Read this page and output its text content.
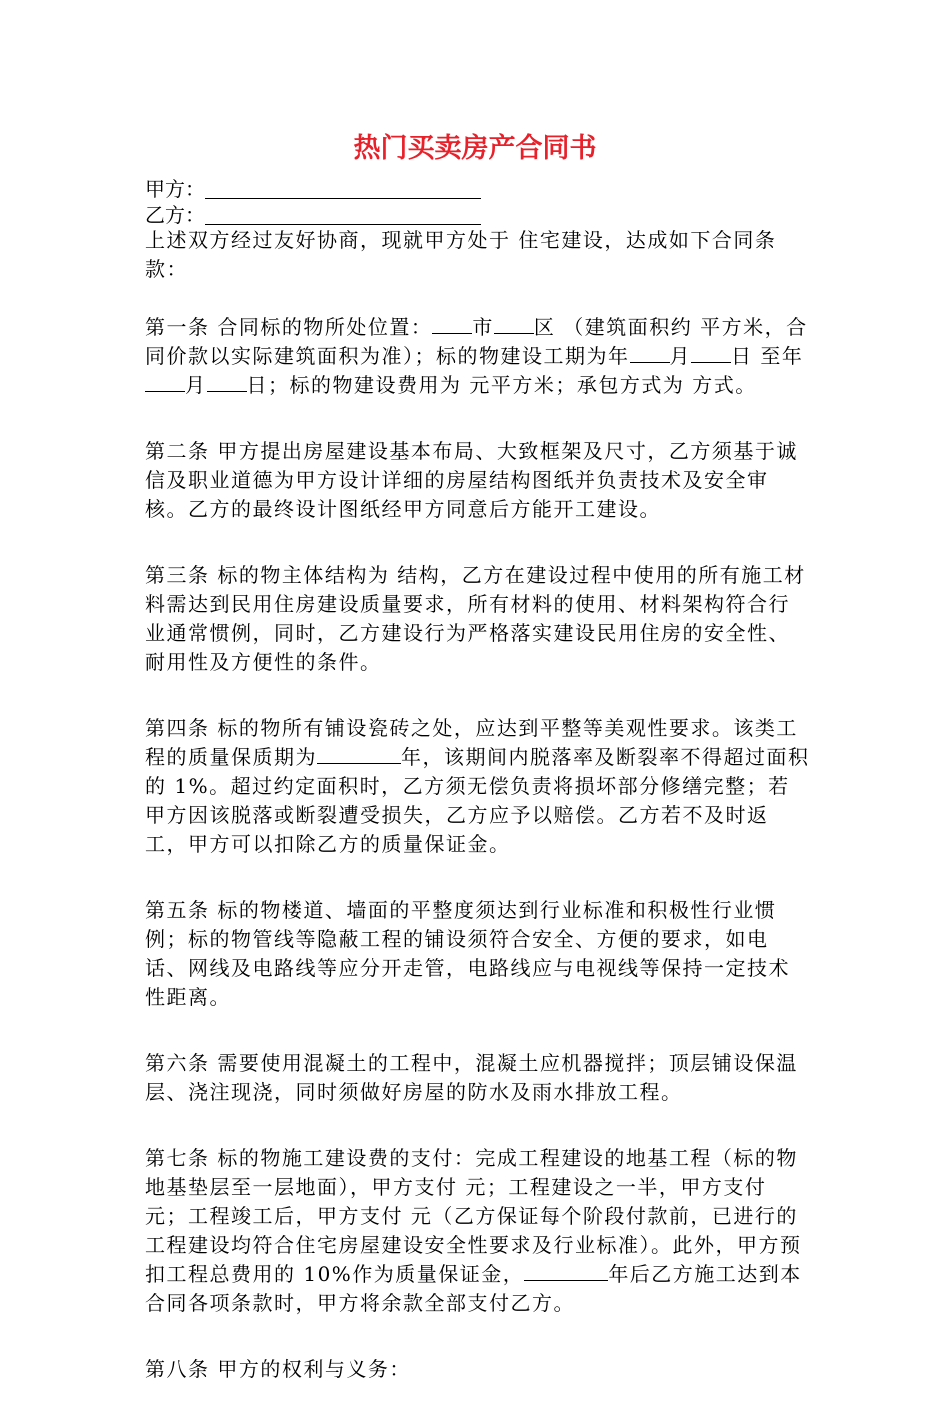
热门买卖房产合同书
甲方：
乙方：

上述双方经过友好协商，现就甲方处于 住宅建设，达成如下合同条款：

第一条 合同标的物所处位置： 市 区 （建筑面积约 平方米，合同价款以实际建筑面积为准）；标的物建设工期为年 月 日 至年月 日；标的物建设费用为 元平方米；承包方式为 方式。

第二条 甲方提出房屋建设基本布局、大致框架及尺寸，乙方须基于诚信及职业道德为甲方设计详细的房屋结构图纸并负责技术及安全审核。乙方的最终设计图纸经甲方同意后方能开工建设。

第三条 标的物主体结构为 结构，乙方在建设过程中使用的所有施工材料需达到民用住房建设质量要求，所有材料的使用、材料架构符合行业通常惯例，同时，乙方建设行为严格落实建设民用住房的安全性、耐用性及方便性的条件。

第四条 标的物所有铺设瓷砖之处，应达到平整等美观性要求。该类工程的质量保质期为	年，该期间内脱落率及断裂率不得超过面积的 1%。超过约定面积时，乙方须无偿负责将损坏部分修缮完整；若甲方因该脱落或断裂遭受损失，乙方应予以赔偿。乙方若不及时返工，甲方可以扣除乙方的质量保证金。

第五条 标的物楼道、墙面的平整度须达到行业标准和积极性行业惯例；标的物管线等隐蔽工程的铺设须符合安全、方便的要求，如电话、网线及电路线等应分开走管，电路线应与电视线等保持一定技术性距离。

第六条 需要使用混凝土的工程中，混凝土应机器搅拌；顶层铺设保温层、浇注现浇，同时须做好房屋的防水及雨水排放工程。

第七条 标的物施工建设费的支付：完成工程建设的地基工程（标的物地基垫层至一层地面），甲方支付 元；工程建设之一半，甲方支付 元；工程竣工后，甲方支付 元（乙方保证每个阶段付款前，已进行的工程建设均符合住宅房屋建设安全性要求及行业标准）。此外，甲方预扣工程总费用的 10%作为质量保证金，	年后乙方施工达到本合同各项条款时，甲方将余款全部支付乙方。

第八条 甲方的权利与义务：
